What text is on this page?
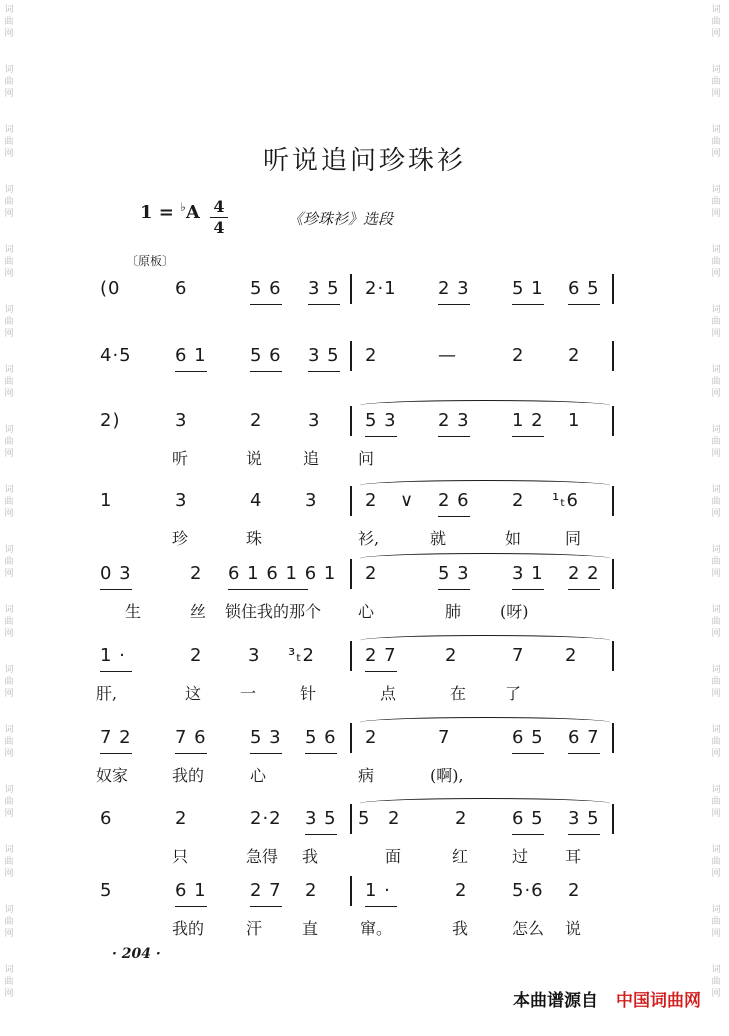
词曲网
词曲网
词曲网
词曲网
词曲网
词曲网
词曲网
词曲网
词曲网
词曲网
词曲网
词曲网
词曲网
词曲网
词曲网
词曲网
词曲网
词曲网
词曲网
词曲网
词曲网
词曲网
词曲网
词曲网
词曲网
词曲网
词曲网
词曲网
词曲网
词曲网
词曲网
词曲网
词曲网
词曲网
听说追问珍珠衫
1 = ♭A 4
4	《珍珠衫》选段
〔原板〕
(0	6	5 6 3 5 2·1 2 3 5 1 6 5
4·5 6 1 5 6 3 5 2	—	2 2
2)	3	2	3 5 3 2 3 1 2 1
听	说	追 问
1	3	4 3	2 ∨ 2 6 2 ¹ₜ6
珍	珠	衫,	就	如	同
0 3	2 6 1 6 1 6 1 2	5 3 3 1 2 2
生	丝 锁住我的那个 心	肺 (呀)
1 ·	2	3 ³ₜ2	2 7	2	7 2
肝,	这 一	针	点	在 了
7 2 7 6 5 3 5 6 2	7	6 5 6 7
奴家	我的	心	病	(啊),
6	2	2·2 3 5 5 2	2 6 5 3 5
只	急得 我	面	红	过 耳
5	6 1 2 7 2	1 ·	2 5·6 2
我的	汗 直	窜。	我	怎么 说
· 204 ·
本曲谱源自 中国词曲网
